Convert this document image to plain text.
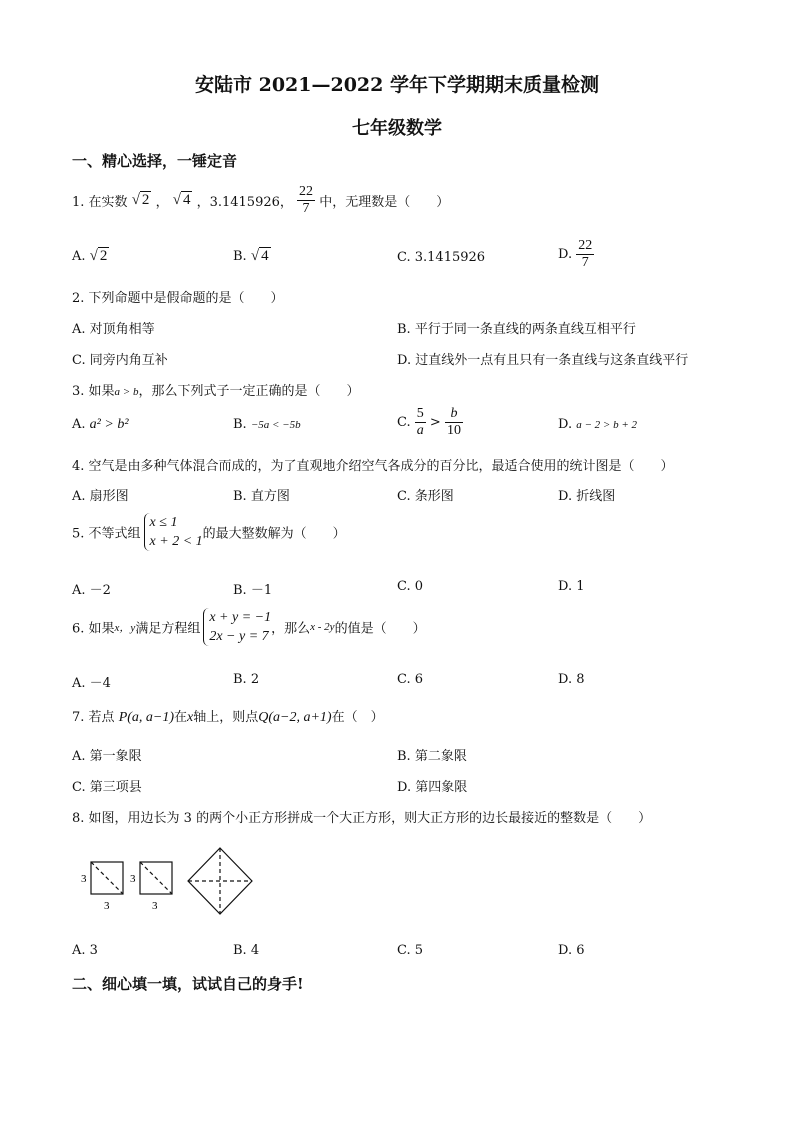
安陆市 2021—2022 学年下学期期末质量检测
七年级数学
一、精心选择，一锤定音
1. 在实数 √ 2 ， √ 4 ，3.1415926， $\frac{22}{7}$ 中，无理数是（　　）
A. √ 2	B. √ 4	C. 3.1415926	D. $\frac{22}{7}$
2. 下列命题中是假命题的是（　　）
A. 对顶角相等	B. 平行于同一条直线的两条直线互相平行
C. 同旁内角互补	D. 过直线外一点有且只有一条直线与这条直线平行
3. 如果a > b，那么下列式子一定正确的是（　　）
A. a² > b²	B. −5a < −5b	C. $\frac{5}{a} > \frac{b}{10}$	D. a − 2 > b + 2
4. 空气是由多种气体混合而成的，为了直观地介绍空气各成分的百分比，最适合使用的统计图是（　　）
A. 扇形图	B. 直方图	C. 条形图	D. 折线图
5. 不等式组
x ≤ 1
x + 2 < 1 的最大整数解为（　　）
A. －2	B. －1	C. 0	D. 1
6. 如果x，y满足方程组
x + y = −1
2x − y = 7 ，那么x - 2y的值是（　　）
A. －4	B. 2	C. 6	D. 8
7. 若点 P(a, a−1)在x轴上，则点Q(a−2, a+1)在（　）
A. 第一象限	B. 第二象限
C. 第三项县	D. 第四象限
8. 如图，用边长为 3 的两个小正方形拼成一个大正方形，则大正方形的边长最接近的整数是（　　）
3
3
3
3
A. 3	B. 4	C. 5	D. 6
二、细心填一填，试试自己的身手!
